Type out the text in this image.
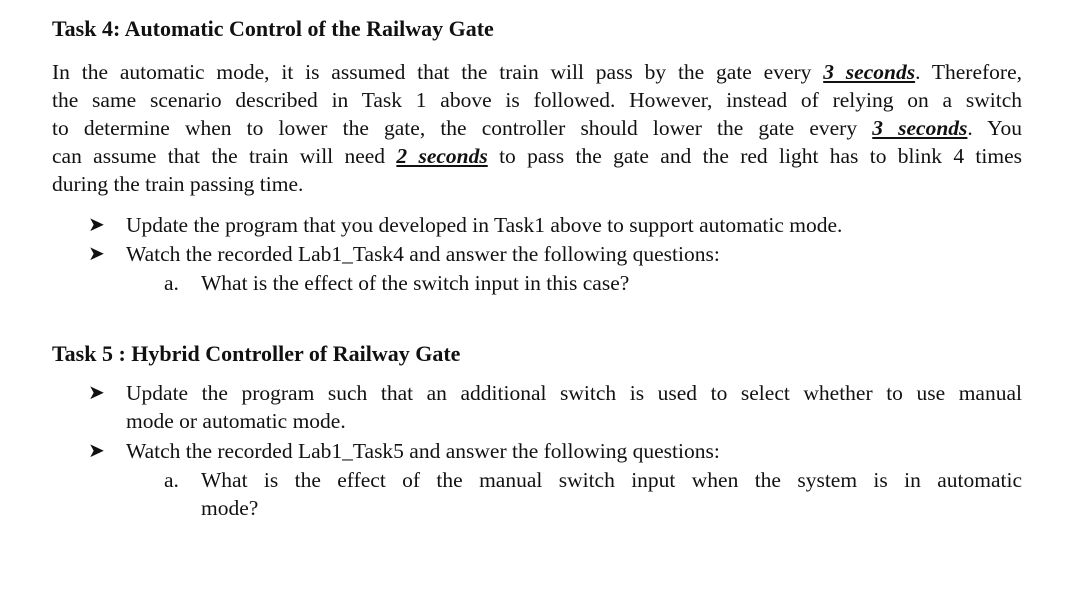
Task 4: Automatic Control of the Railway Gate
In the automatic mode, it is assumed that the train will pass by the gate every 3 seconds. Therefore,
the same scenario described in Task 1 above is followed. However, instead of relying on a switch
to determine when to lower the gate, the controller should lower the gate every 3 seconds. You
can assume that the train will need 2 seconds to pass the gate and the red light has to blink 4 times
during the train passing time.
➤ Update the program that you developed in Task1 above to support automatic mode.
➤ Watch the recorded Lab1_Task4 and answer the following questions:
a. What is the effect of the switch input in this case?
Task 5 : Hybrid Controller of Railway Gate
➤ Update the program such that an additional switch is used to select whether to use manual
mode or automatic mode.
➤ Watch the recorded Lab1_Task5 and answer the following questions:
a. What is the effect of the manual switch input when the system is in automatic
mode?
